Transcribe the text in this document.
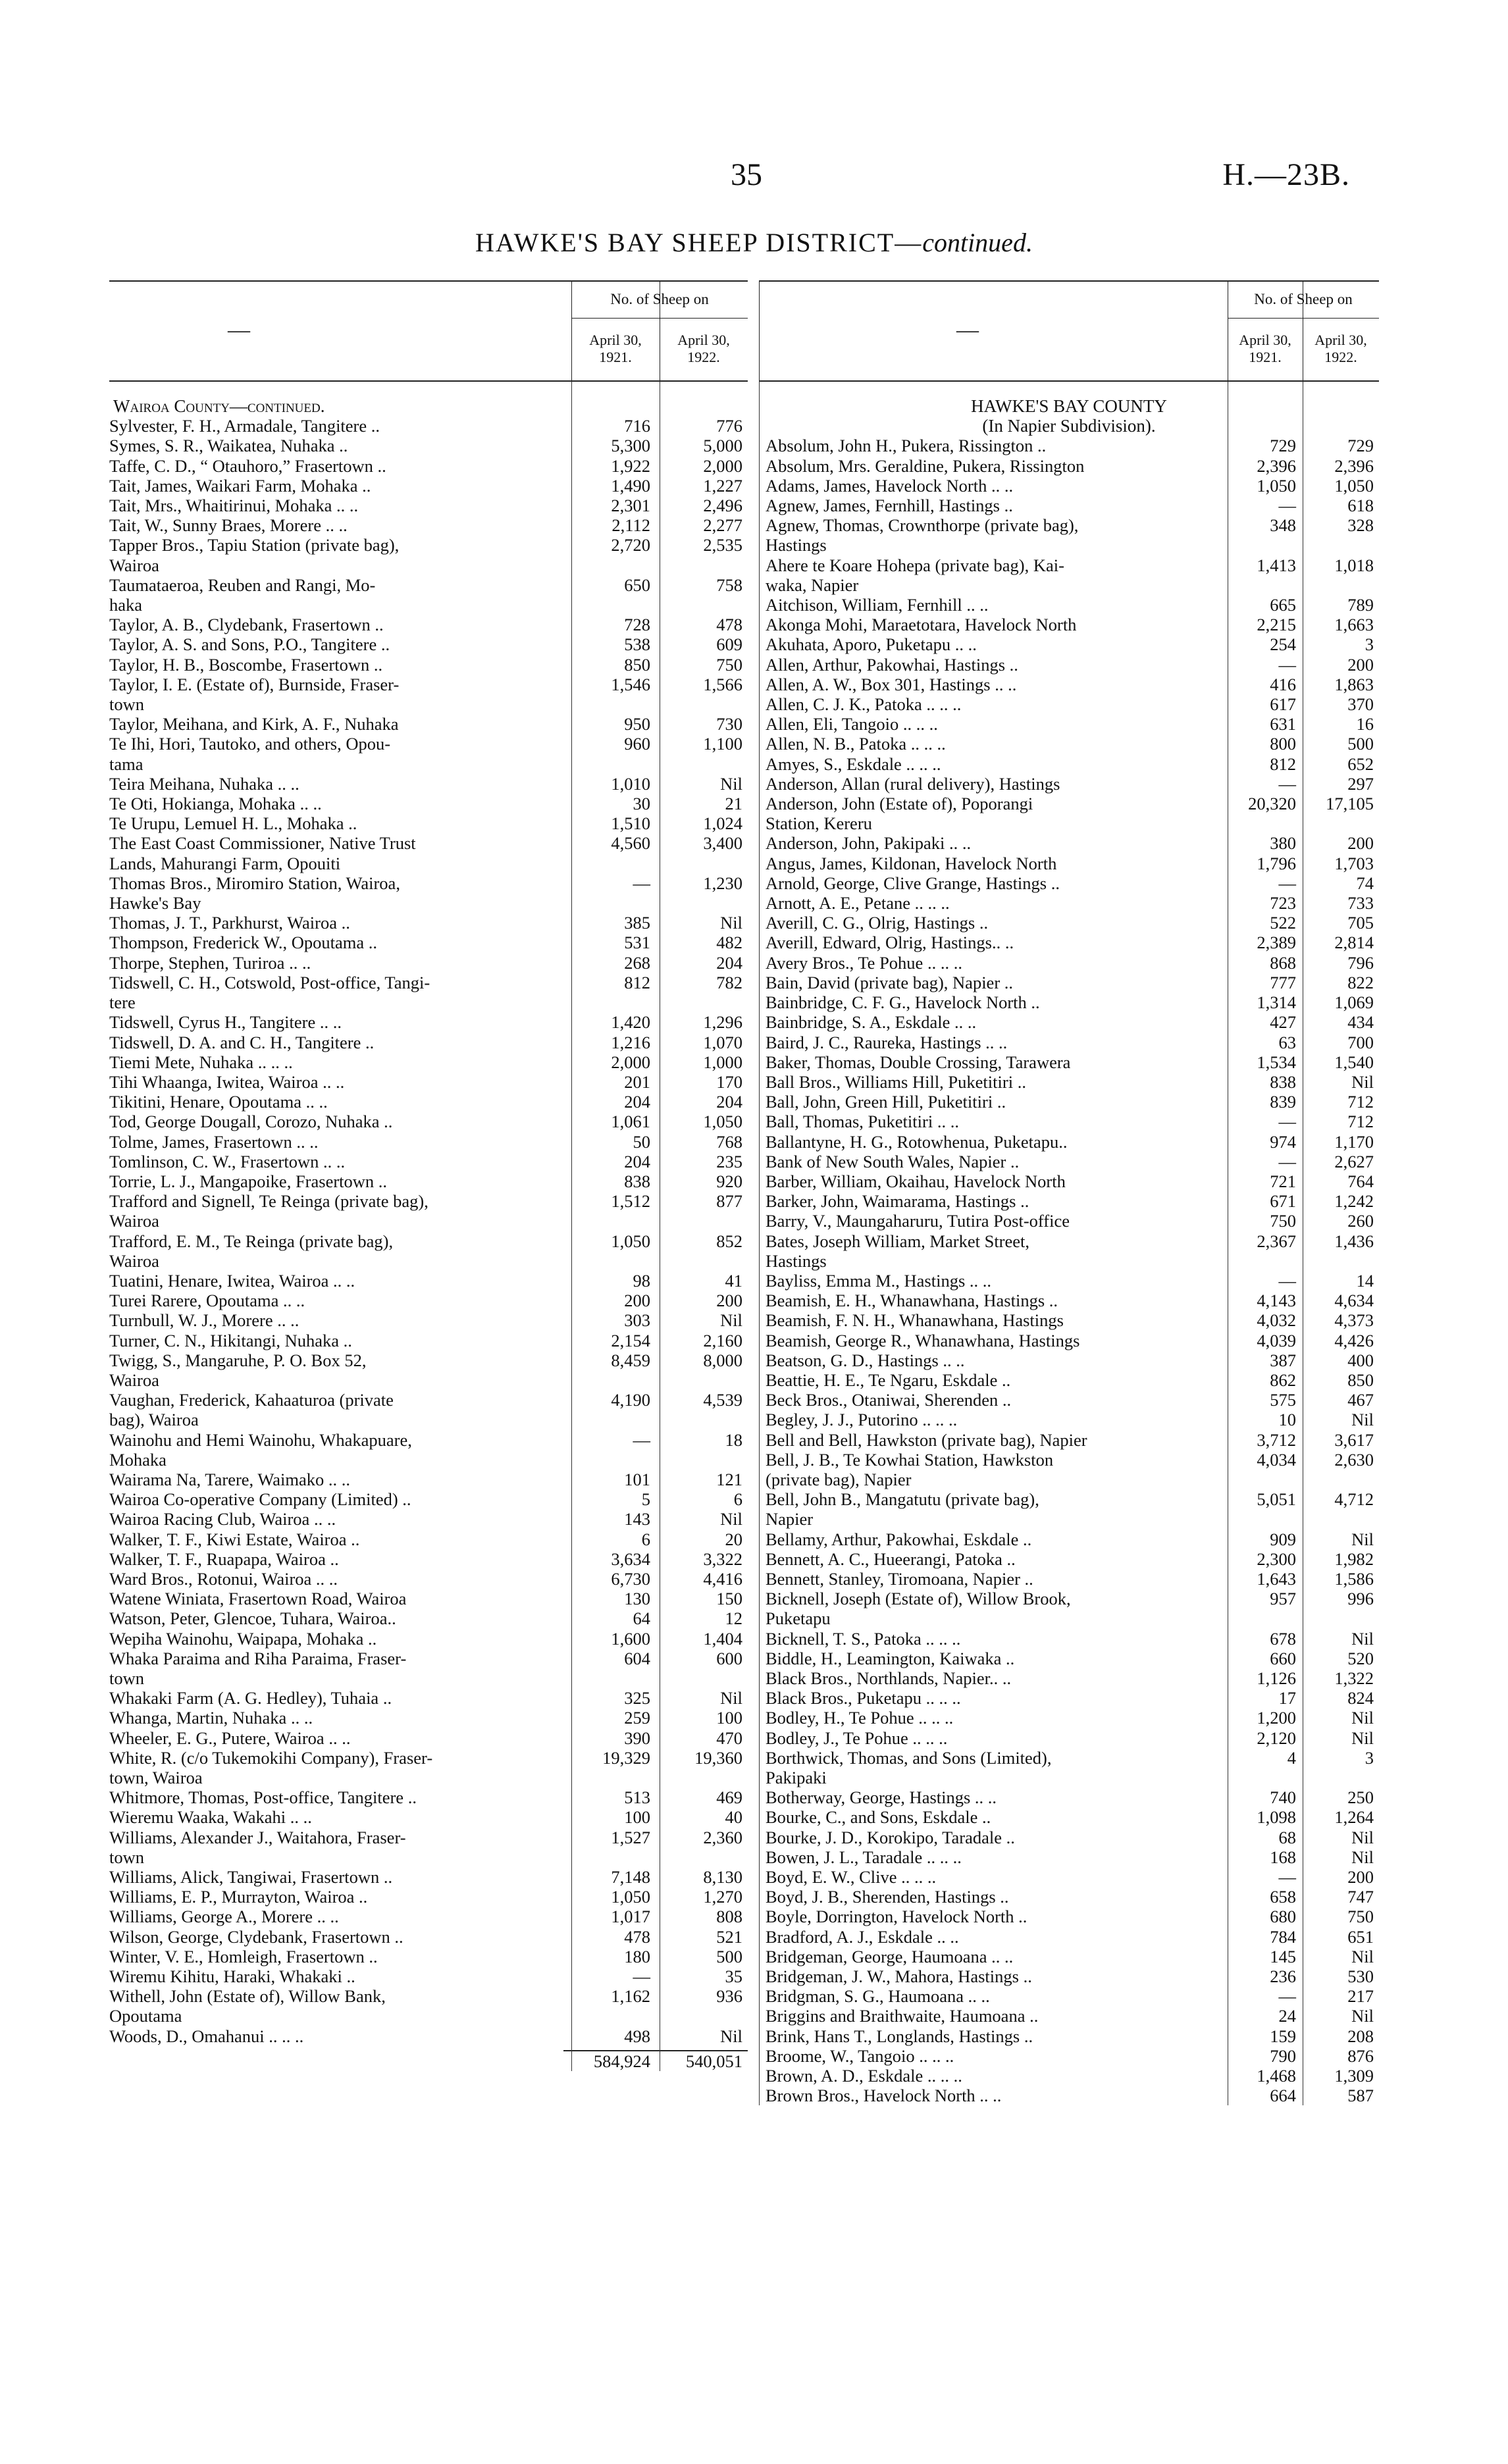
35	H.—23B.
HAWKE'S BAY SHEEP DISTRICT—continued.
—
No. of Sheep on
April 30,
1921.
April 30,
1922.
Wairoa County—continued.
Sylvester, F. H., Armadale, Tangitere ..	716	776
Symes, S. R., Waikatea, Nuhaka ..	5,300	5,000
Taffe, C. D., “ Otauhoro,” Frasertown ..	1,922	2,000
Tait, James, Waikari Farm, Mohaka ..	1,490	1,227
Tait, Mrs., Whaitirinui, Mohaka .. ..	2,301	2,496
Tait, W., Sunny Braes, Morere .. ..	2,112	2,277
Tapper Bros., Tapiu Station (private bag),	2,720	2,535
Wairoa
Taumataeroa, Reuben and Rangi, Mo-	650	758
haka
Taylor, A. B., Clydebank, Frasertown ..	728	478
Taylor, A. S. and Sons, P.O., Tangitere ..	538	609
Taylor, H. B., Boscombe, Frasertown ..	850	750
Taylor, I. E. (Estate of), Burnside, Fraser-	1,546	1,566
town
Taylor, Meihana, and Kirk, A. F., Nuhaka	950	730
Te Ihi, Hori, Tautoko, and others, Opou-	960	1,100
tama
Teira Meihana, Nuhaka .. ..	1,010	Nil
Te Oti, Hokianga, Mohaka .. ..	30	21
Te Urupu, Lemuel H. L., Mohaka ..	1,510	1,024
The East Coast Commissioner, Native Trust	4,560	3,400
Lands, Mahurangi Farm, Opouiti
Thomas Bros., Miromiro Station, Wairoa,	—	1,230
Hawke's Bay
Thomas, J. T., Parkhurst, Wairoa ..	385	Nil
Thompson, Frederick W., Opoutama ..	531	482
Thorpe, Stephen, Turiroa .. ..	268	204
Tidswell, C. H., Cotswold, Post-office, Tangi-	812	782
tere
Tidswell, Cyrus H., Tangitere .. ..	1,420	1,296
Tidswell, D. A. and C. H., Tangitere ..	1,216	1,070
Tiemi Mete, Nuhaka .. .. ..	2,000	1,000
Tihi Whaanga, Iwitea, Wairoa .. ..	201	170
Tikitini, Henare, Opoutama .. ..	204	204
Tod, George Dougall, Corozo, Nuhaka ..	1,061	1,050
Tolme, James, Frasertown .. ..	50	768
Tomlinson, C. W., Frasertown .. ..	204	235
Torrie, L. J., Mangapoike, Frasertown ..	838	920
Trafford and Signell, Te Reinga (private bag),	1,512	877
Wairoa
Trafford, E. M., Te Reinga (private bag),	1,050	852
Wairoa
Tuatini, Henare, Iwitea, Wairoa .. ..	98	41
Turei Rarere, Opoutama .. ..	200	200
Turnbull, W. J., Morere .. ..	303	Nil
Turner, C. N., Hikitangi, Nuhaka ..	2,154	2,160
Twigg, S., Mangaruhe, P. O. Box 52,	8,459	8,000
Wairoa
Vaughan, Frederick, Kahaaturoa (private	4,190	4,539
bag), Wairoa
Wainohu and Hemi Wainohu, Whakapuare,	—	18
Mohaka
Wairama Na, Tarere, Waimako .. ..	101	121
Wairoa Co-operative Company (Limited) ..	5	6
Wairoa Racing Club, Wairoa .. ..	143	Nil
Walker, T. F., Kiwi Estate, Wairoa ..	6	20
Walker, T. F., Ruapapa, Wairoa ..	3,634	3,322
Ward Bros., Rotonui, Wairoa .. ..	6,730	4,416
Watene Winiata, Frasertown Road, Wairoa	130	150
Watson, Peter, Glencoe, Tuhara, Wairoa..	64	12
Wepiha Wainohu, Waipapa, Mohaka ..	1,600	1,404
Whaka Paraima and Riha Paraima, Fraser-	604	600
town
Whakaki Farm (A. G. Hedley), Tuhaia ..	325	Nil
Whanga, Martin, Nuhaka .. ..	259	100
Wheeler, E. G., Putere, Wairoa .. ..	390	470
White, R. (c/o Tukemokihi Company), Fraser-	19,329	19,360
town, Wairoa
Whitmore, Thomas, Post-office, Tangitere ..	513	469
Wieremu Waaka, Wakahi .. ..	100	40
Williams, Alexander J., Waitahora, Fraser-	1,527	2,360
town
Williams, Alick, Tangiwai, Frasertown ..	7,148	8,130
Williams, E. P., Murrayton, Wairoa ..	1,050	1,270
Williams, George A., Morere .. ..	1,017	808
Wilson, George, Clydebank, Frasertown ..	478	521
Winter, V. E., Homleigh, Frasertown ..	180	500
Wiremu Kihitu, Haraki, Whakaki ..	—	35
Withell, John (Estate of), Willow Bank,	1,162	936
Opoutama
Woods, D., Omahanui .. .. ..	498	Nil
584,924	540,051
—
No. of Sheep on
April 30,
1921.
April 30,
1922.
HAWKE'S BAY COUNTY
(In Napier Subdivision).
Absolum, John H., Pukera, Rissington ..	729	729
Absolum, Mrs. Geraldine, Pukera, Rissington	2,396	2,396
Adams, James, Havelock North .. ..	1,050	1,050
Agnew, James, Fernhill, Hastings ..	—	618
Agnew, Thomas, Crownthorpe (private bag),	348	328
Hastings
Ahere te Koare Hohepa (private bag), Kai-	1,413	1,018
waka, Napier
Aitchison, William, Fernhill .. ..	665	789
Akonga Mohi, Maraetotara, Havelock North	2,215	1,663
Akuhata, Aporo, Puketapu .. ..	254	3
Allen, Arthur, Pakowhai, Hastings ..	—	200
Allen, A. W., Box 301, Hastings .. ..	416	1,863
Allen, C. J. K., Patoka .. .. ..	617	370
Allen, Eli, Tangoio .. .. ..	631	16
Allen, N. B., Patoka .. .. ..	800	500
Amyes, S., Eskdale .. .. ..	812	652
Anderson, Allan (rural delivery), Hastings	—	297
Anderson, John (Estate of), Poporangi	20,320	17,105
Station, Kereru
Anderson, John, Pakipaki .. ..	380	200
Angus, James, Kildonan, Havelock North	1,796	1,703
Arnold, George, Clive Grange, Hastings ..	—	74
Arnott, A. E., Petane .. .. ..	723	733
Averill, C. G., Olrig, Hastings ..	522	705
Averill, Edward, Olrig, Hastings.. ..	2,389	2,814
Avery Bros., Te Pohue .. .. ..	868	796
Bain, David (private bag), Napier ..	777	822
Bainbridge, C. F. G., Havelock North ..	1,314	1,069
Bainbridge, S. A., Eskdale .. ..	427	434
Baird, J. C., Raureka, Hastings .. ..	63	700
Baker, Thomas, Double Crossing, Tarawera	1,534	1,540
Ball Bros., Williams Hill, Puketitiri ..	838	Nil
Ball, John, Green Hill, Puketitiri ..	839	712
Ball, Thomas, Puketitiri .. ..	—	712
Ballantyne, H. G., Rotowhenua, Puketapu..	974	1,170
Bank of New South Wales, Napier ..	—	2,627
Barber, William, Okaihau, Havelock North	721	764
Barker, John, Waimarama, Hastings ..	671	1,242
Barry, V., Maungaharuru, Tutira Post-office	750	260
Bates, Joseph William, Market Street,	2,367	1,436
Hastings
Bayliss, Emma M., Hastings .. ..	—	14
Beamish, E. H., Whanawhana, Hastings ..	4,143	4,634
Beamish, F. N. H., Whanawhana, Hastings	4,032	4,373
Beamish, George R., Whanawhana, Hastings	4,039	4,426
Beatson, G. D., Hastings .. ..	387	400
Beattie, H. E., Te Ngaru, Eskdale ..	862	850
Beck Bros., Otaniwai, Sherenden ..	575	467
Begley, J. J., Putorino .. .. ..	10	Nil
Bell and Bell, Hawkston (private bag), Napier	3,712	3,617
Bell, J. B., Te Kowhai Station, Hawkston	4,034	2,630
(private bag), Napier
Bell, John B., Mangatutu (private bag),	5,051	4,712
Napier
Bellamy, Arthur, Pakowhai, Eskdale ..	909	Nil
Bennett, A. C., Hueerangi, Patoka ..	2,300	1,982
Bennett, Stanley, Tiromoana, Napier ..	1,643	1,586
Bicknell, Joseph (Estate of), Willow Brook,	957	996
Puketapu
Bicknell, T. S., Patoka .. .. ..	678	Nil
Biddle, H., Leamington, Kaiwaka ..	660	520
Black Bros., Northlands, Napier.. ..	1,126	1,322
Black Bros., Puketapu .. .. ..	17	824
Bodley, H., Te Pohue .. .. ..	1,200	Nil
Bodley, J., Te Pohue .. .. ..	2,120	Nil
Borthwick, Thomas, and Sons (Limited),	4	3
Pakipaki
Botherway, George, Hastings .. ..	740	250
Bourke, C., and Sons, Eskdale ..	1,098	1,264
Bourke, J. D., Korokipo, Taradale ..	68	Nil
Bowen, J. L., Taradale .. .. ..	168	Nil
Boyd, E. W., Clive .. .. ..	—	200
Boyd, J. B., Sherenden, Hastings ..	658	747
Boyle, Dorrington, Havelock North ..	680	750
Bradford, A. J., Eskdale .. ..	784	651
Bridgeman, George, Haumoana .. ..	145	Nil
Bridgeman, J. W., Mahora, Hastings ..	236	530
Bridgman, S. G., Haumoana .. ..	—	217
Briggins and Braithwaite, Haumoana ..	24	Nil
Brink, Hans T., Longlands, Hastings ..	159	208
Broome, W., Tangoio .. .. ..	790	876
Brown, A. D., Eskdale .. .. ..	1,468	1,309
Brown Bros., Havelock North .. ..	664	587
